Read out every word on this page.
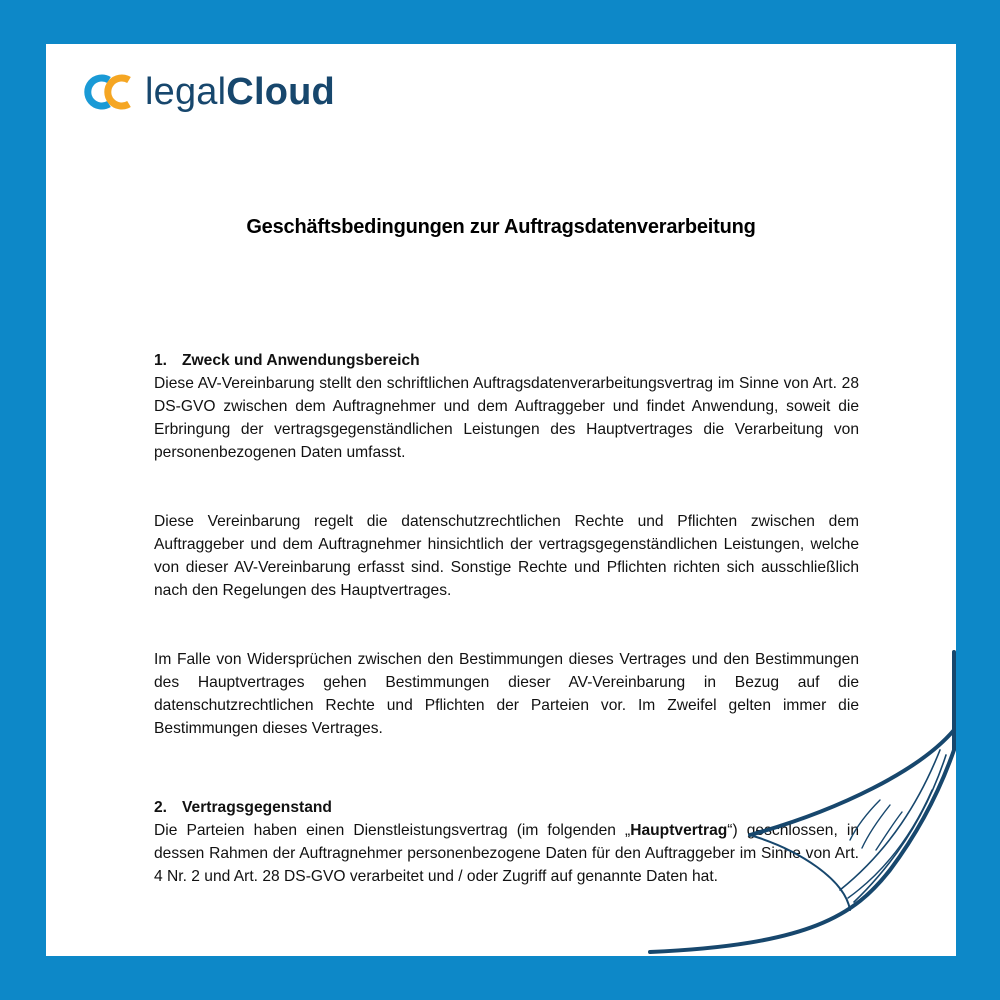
legalCloud
Geschäftsbedingungen zur Auftragsdatenverarbeitung
1. Zweck und Anwendungsbereich

Diese AV-Vereinbarung stellt den schriftlichen Auftragsdatenverarbeitungsvertrag im Sinne von Art. 28 DS-GVO zwischen dem Auftragnehmer und dem Auftraggeber und findet Anwendung, soweit die Erbringung der vertragsgegenständlichen Leistungen des Hauptvertrages die Verarbeitung von personenbezogenen Daten umfasst.

Diese Vereinbarung regelt die datenschutzrechtlichen Rechte und Pflichten zwischen dem Auftraggeber und dem Auftragnehmer hinsichtlich der vertragsgegenständlichen Leistungen, welche von dieser AV-Vereinbarung erfasst sind. Sonstige Rechte und Pflichten richten sich ausschließlich nach den Regelungen des Hauptvertrages.

Im Falle von Widersprüchen zwischen den Bestimmungen dieses Vertrages und den Bestimmungen des Hauptvertrages gehen Bestimmungen dieser AV-Vereinbarung in Bezug auf die datenschutzrechtlichen Rechte und Pflichten der Parteien vor. Im Zweifel gelten immer die Bestimmungen dieses Vertrages.

2. Vertragsgegenstand

Die Parteien haben einen Dienstleistungsvertrag (im folgenden „Hauptvertrag“) geschlossen, in dessen Rahmen der Auftragnehmer personenbezogene Daten für den Auftraggeber im Sinne von Art. 4 Nr. 2 und Art. 28 DS-GVO verarbeitet und / oder Zugriff auf genannte Daten hat.
